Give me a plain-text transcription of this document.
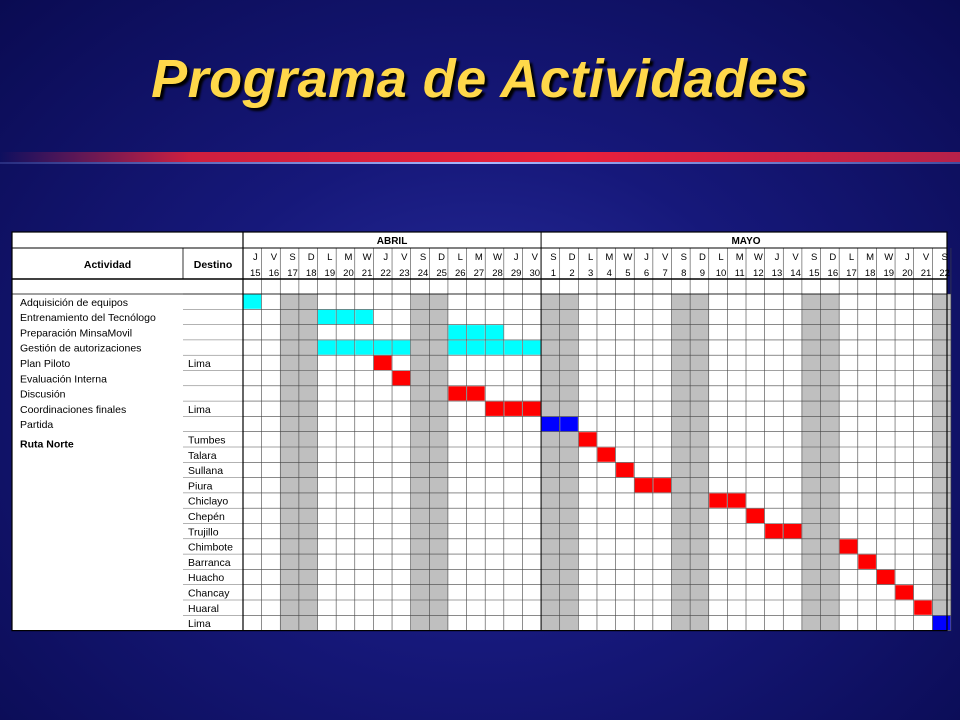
Programa de Actividades
ABRIL	MAYO
J V S D L M W J V S D L M W J V S D L M W J V S D L M W J V S D L M W J V S
15 16 17 18 19 20 21 22 23 24 25 26 27 28 29 30 1 2 3 4 5 6 7 8 9 10 11 12 13 14 15 16 17 18 19 20 21 22
Actividad	Destino
Adquisición de equipos
Entrenamiento del Tecnólogo
Preparación MinsaMovil
Gestión de autorizaciones
Plan Piloto	Lima
Evaluación Interna
Discusión
Coordinaciones finales	Lima
Partida
Ruta Norte	Tumbes
Talara
Sullana
Piura
Chiclayo
Chepén
Trujillo
Chimbote
Barranca
Huacho
Chancay
Huaral
Lima
